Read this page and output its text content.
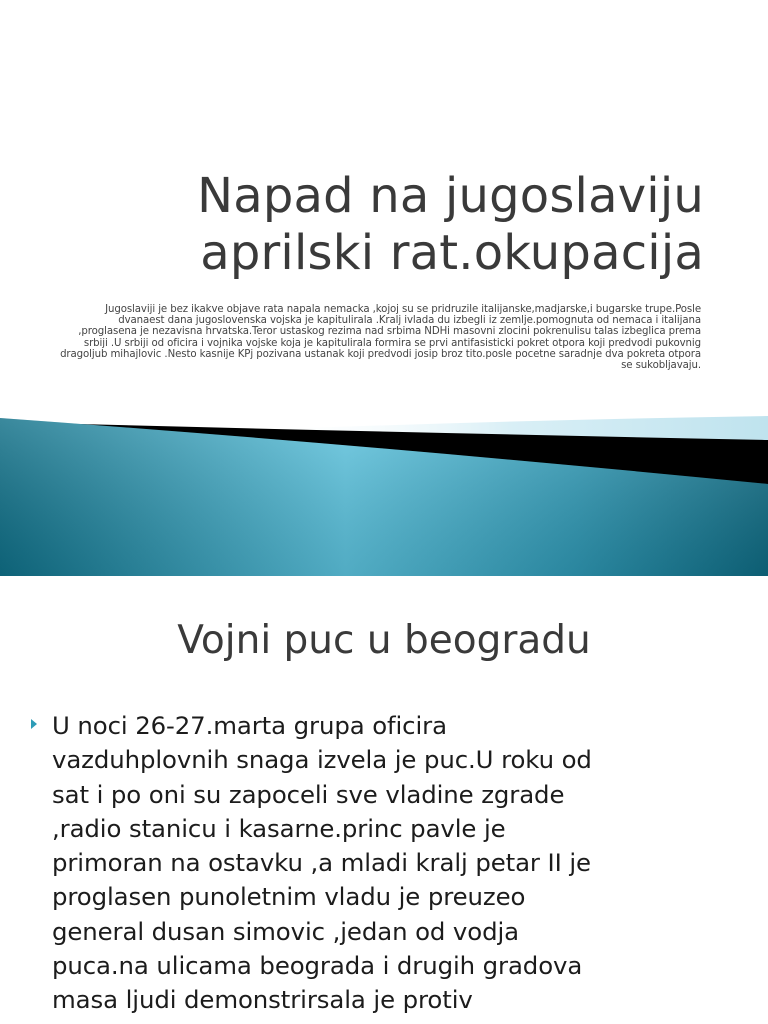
Napad na jugoslaviju
aprilski rat.okupacija

Jugoslaviji je bez ikakve objave rata napala nemacka ,kojoj su se pridruzile italijanske,madjarske,i bugarske trupe.Posle dvanaest dana jugoslovenska vojska je kapitulirala .Kralj ivlada du izbegli iz zemlje.pomognuta od nemaca i italijana ,proglasena je nezavisna hrvatska.Teror ustaskog rezima nad srbima NDHi masovni zlocini pokrenulisu talas izbeglica prema srbiji .U srbiji od oficira i vojnika vojske koja je kapitulirala formira se prvi antifasisticki pokret otpora koji predvodi pukovnig dragoljub mihajlovic .Nesto kasnije KPj pozivana ustanak koji predvodi josip broz tito.posle pocetne saradnje dva pokreta otpora se sukobljavaju.

Vojni puc u beogradu
U noci 26-27.marta grupa oficira
vazduhplovnih snaga izvela je puc.U roku od
sat i po oni su zapoceli sve vladine zgrade
,radio stanicu i kasarne.princ pavle je
primoran na ostavku ,a mladi kralj petar II je
proglasen punoletnim vladu je preuzeo
general dusan simovic ,jedan od vodja
puca.na ulicama beograda i drugih gradova
masa ljudi demonstrirsala je protiv
